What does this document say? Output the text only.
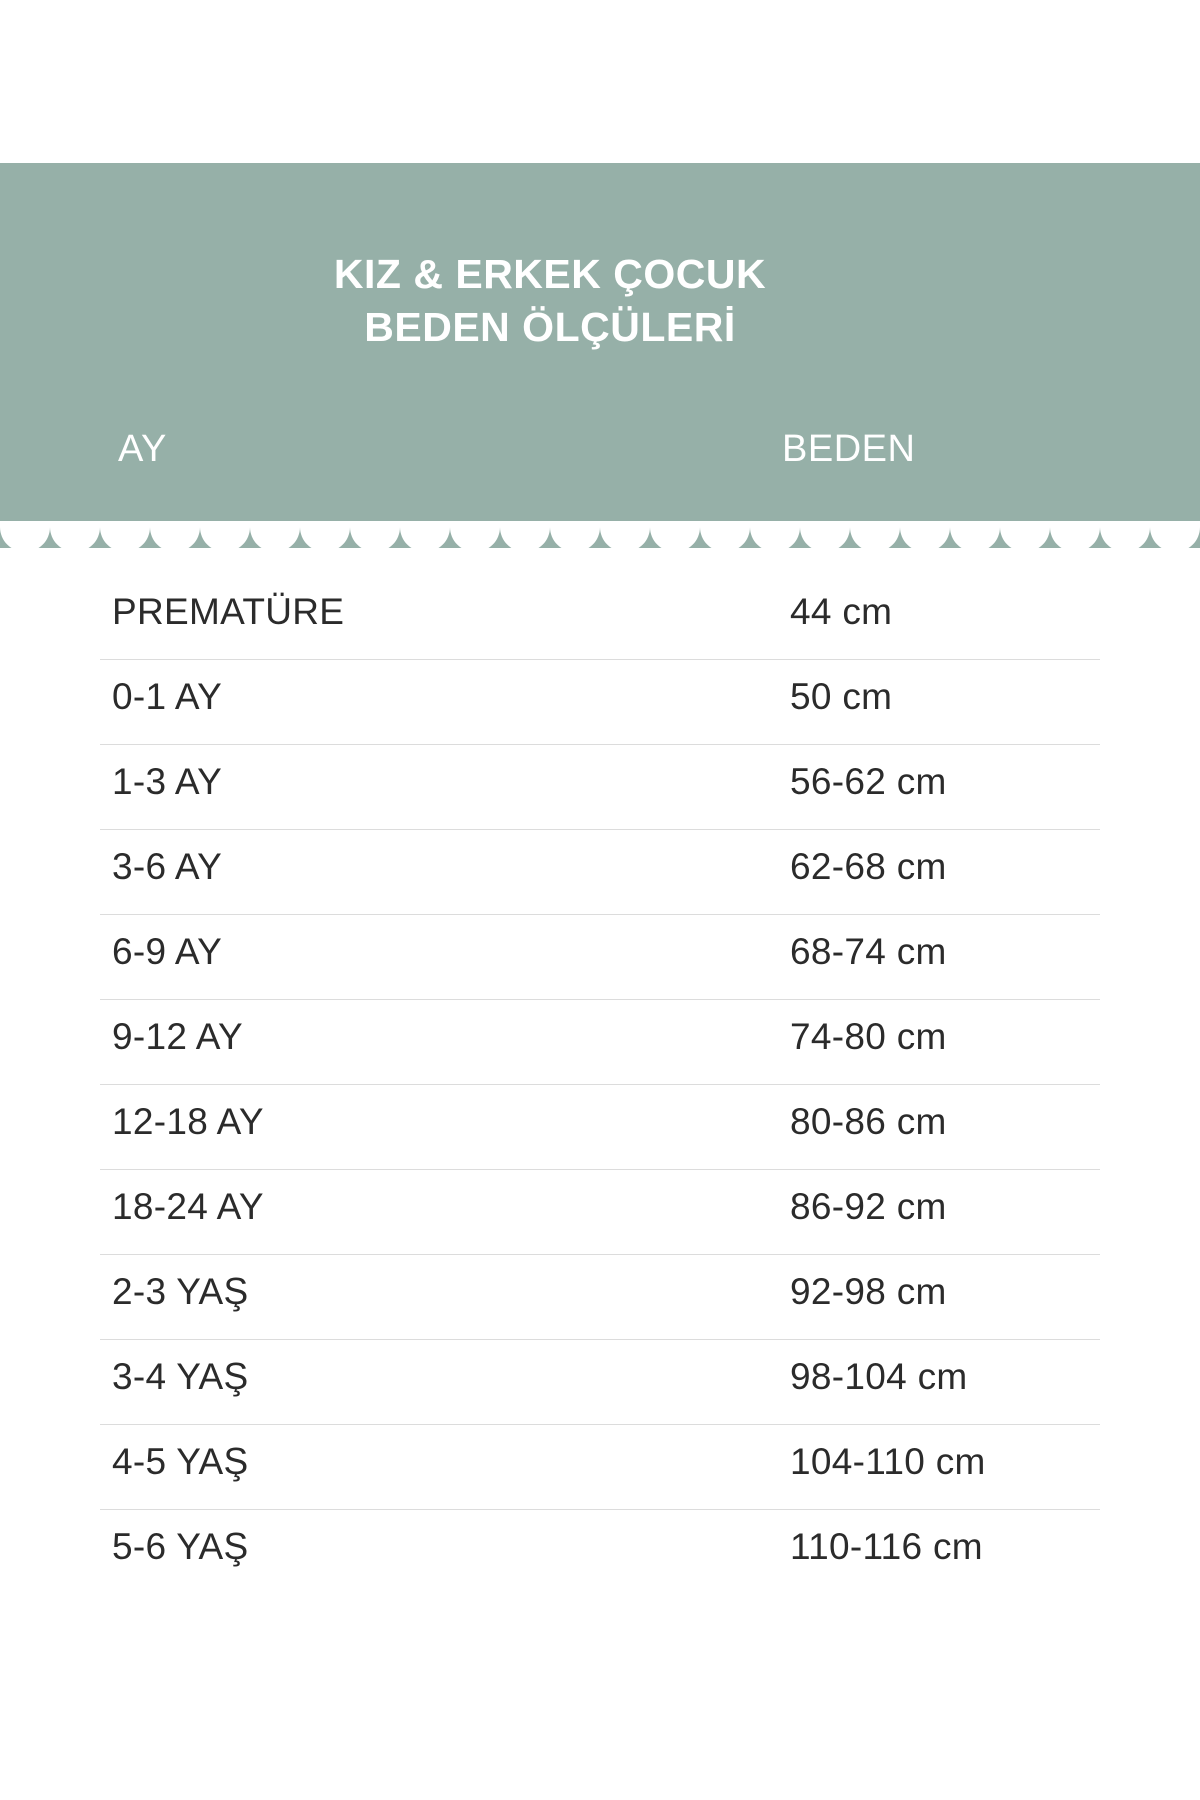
KIZ & ERKEK ÇOCUK
BEDEN ÖLÇÜLERİ
AY	BEDEN
PREMATÜRE	44 cm
0-1 AY	50 cm
1-3 AY	56-62 cm
3-6 AY	62-68 cm
6-9 AY	68-74 cm
9-12 AY	74-80 cm
12-18 AY	80-86 cm
18-24 AY	86-92 cm
2-3 YAŞ	92-98 cm
3-4 YAŞ	98-104 cm
4-5 YAŞ	104-110 cm
5-6 YAŞ	110-116 cm
